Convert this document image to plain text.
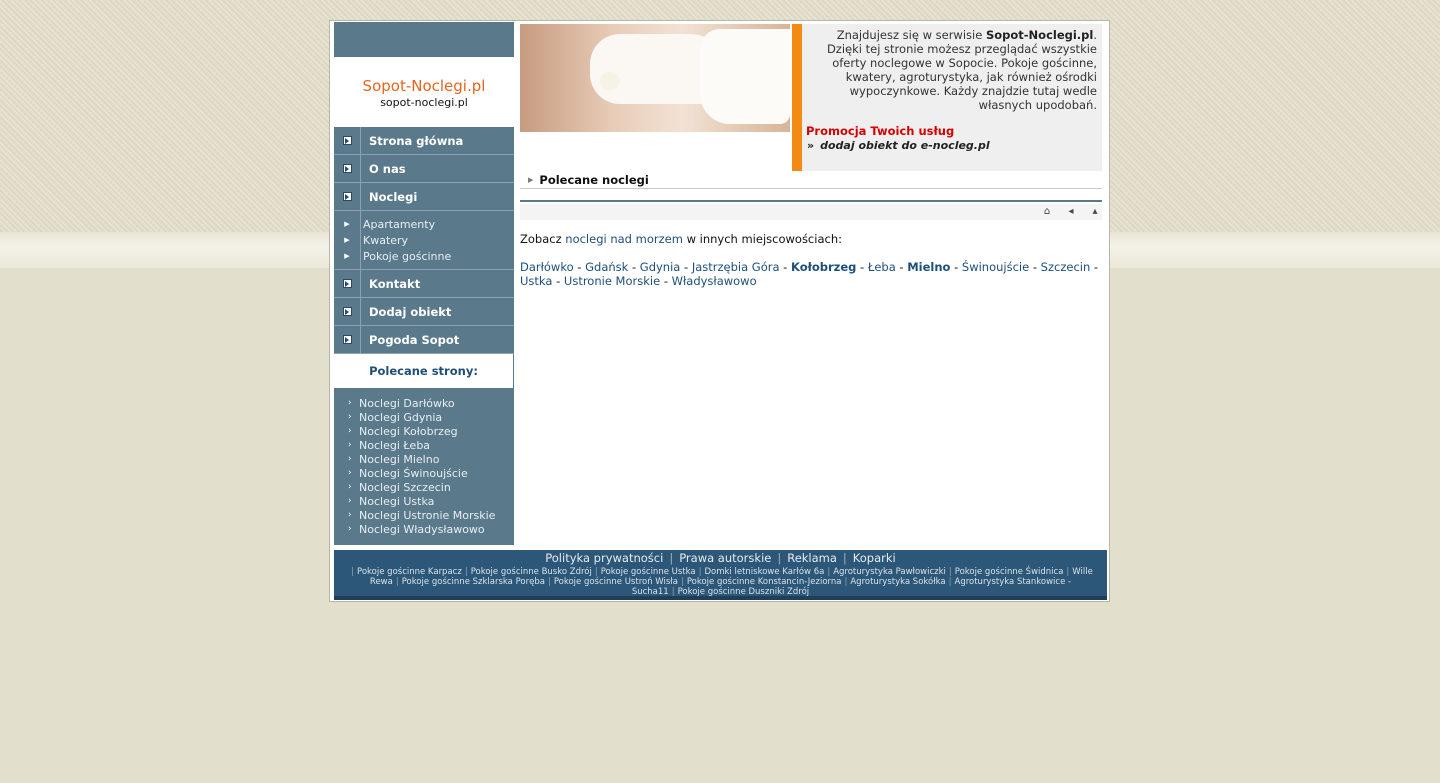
Sopot-Noclegi.pl
sopot-noclegi.pl
Strona główna
O nas
Noclegi
▶	Apartamenty
▶	Kwatery
▶	Pokoje gościnne
Kontakt
Dodaj obiekt
Pogoda Sopot
Polecane strony:
› Noclegi Darłówko
› Noclegi Gdynia
› Noclegi Kołobrzeg
› Noclegi Łeba
› Noclegi Mielno
› Noclegi Świnoujście
› Noclegi Szczecin
› Noclegi Ustka
› Noclegi Ustronie Morskie
› Noclegi Władysławowo
Znajdujesz się w serwisie Sopot-Noclegi.pl. Dzięki tej stronie możesz przeglądać wszystkie oferty noclegowe w Sopocie. Pokoje gościnne, kwatery, agroturystyka, jak również ośrodki wypoczynkowe. Każdy znajdzie tutaj wedle własnych upodobań.
Promocja Twoich usług
» dodaj obiekt do e-nocleg.pl
▶ Polecane noclegi
⌂	◂	▴
Zobacz noclegi nad morzem w innych miejscowościach:
Darłówko - Gdańsk - Gdynia - Jastrzębia Góra - Kołobrzeg - Łeba - Mielno - Świnoujście - Szczecin - Ustka - Ustronie Morskie - Władysławowo
Polityka prywatności | Prawa autorskie | Reklama | Koparki
| Pokoje gościnne Karpacz | Pokoje gościnne Busko Zdrój | Pokoje gościnne Ustka | Domki letniskowe Karłów 6a | Agroturystyka Pawłowiczki | Pokoje gościnne Świdnica | Wille Rewa | Pokoje gościnne Szklarska Poręba | Pokoje gościnne Ustroń Wisła | Pokoje gościnne Konstancin-Jeziorna | Agroturystyka Sokółka | Agroturystyka Stankowice - Sucha11 | Pokoje gościnne Duszniki Zdrój
